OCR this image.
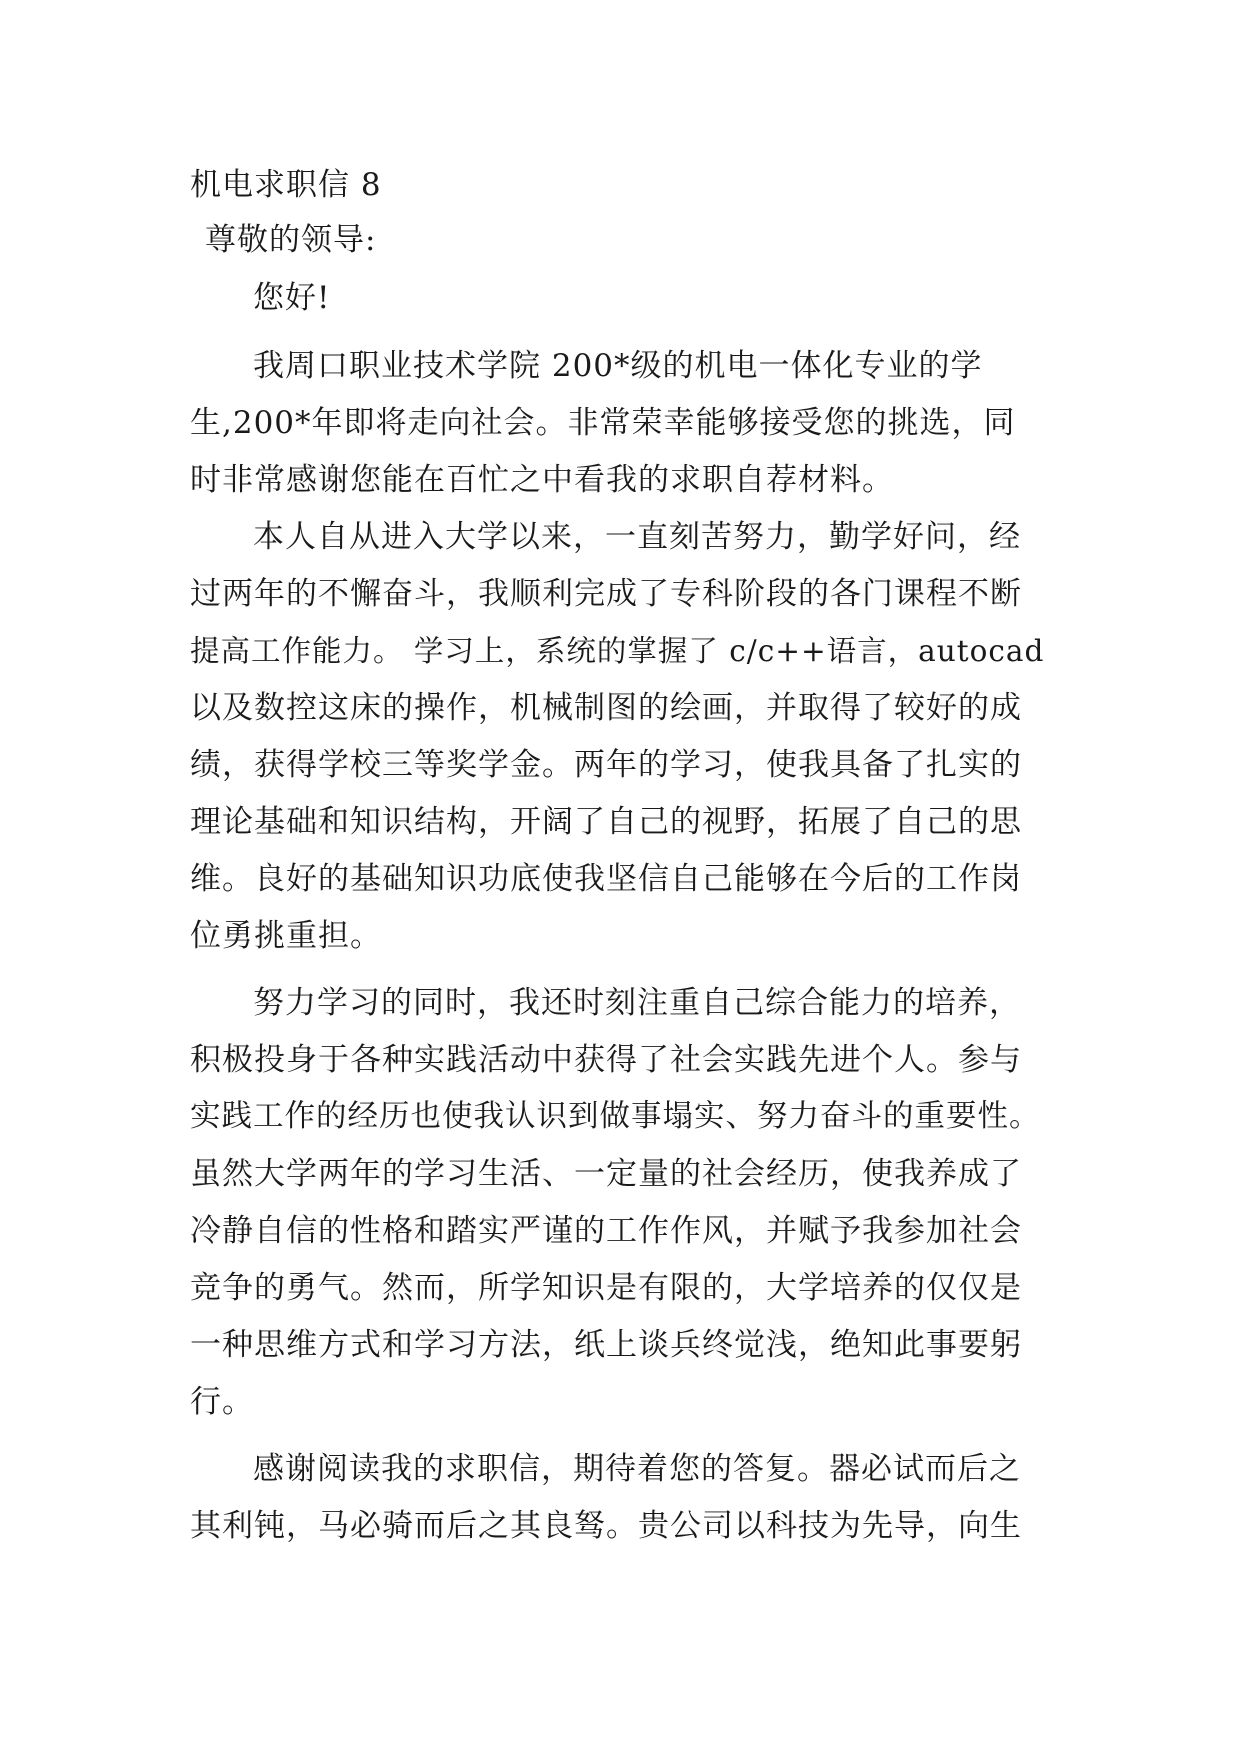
机电求职信 8
尊敬的领导:
您好!
我周口职业技术学院 200*级的机电一体化专业的学
生,200*年即将走向社会。非常荣幸能够接受您的挑选，同
时非常感谢您能在百忙之中看我的求职自荐材料。
本人自从进入大学以来，一直刻苦努力，勤学好问，经
过两年的不懈奋斗，我顺利完成了专科阶段的各门课程不断
提高工作能力。 学习上，系统的掌握了 c/c++语言，autocad
以及数控这床的操作，机械制图的绘画，并取得了较好的成
绩，获得学校三等奖学金。两年的学习，使我具备了扎实的
理论基础和知识结构，开阔了自己的视野，拓展了自己的思
维。良好的基础知识功底使我坚信自己能够在今后的工作岗
位勇挑重担。
努力学习的同时，我还时刻注重自己综合能力的培养，
积极投身于各种实践活动中获得了社会实践先进个人。参与
实践工作的经历也使我认识到做事塌实、努力奋斗的重要性。
虽然大学两年的学习生活、一定量的社会经历，使我养成了
冷静自信的性格和踏实严谨的工作作风，并赋予我参加社会
竞争的勇气。然而，所学知识是有限的，大学培养的仅仅是
一种思维方式和学习方法，纸上谈兵终觉浅，绝知此事要躬
行。
感谢阅读我的求职信，期待着您的答复。器必试而后之
其利钝，马必骑而后之其良驽。贵公司以科技为先导，向生
